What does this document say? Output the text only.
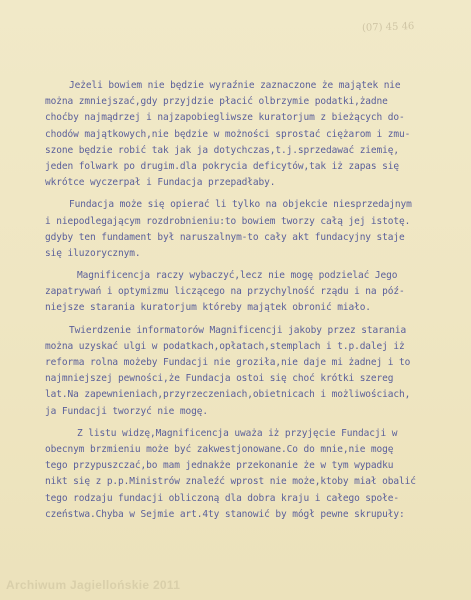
(07) 45 46
Jeżeli bowiem nie będzie wyraźnie zaznaczone że majątek nie
można zmniejszać,gdy przyjdzie płacić olbrzymie podatki,żadne
choćby najmądrzej i najzapobiegliwsze kuratorjum z bieżących do-
chodów majątkowych,nie będzie w możności sprostać ciężarom i zmu-
szone będzie robić tak jak ja dotychczas,t.j.sprzedawać ziemię,
jeden folwark po drugim.dla pokrycia deficytów,tak iż zapas się
wkrótce wyczerpał i Fundacja przepadłaby.
Fundacja może się opierać li tylko na objekcie niesprzedajnym
i niepodlegającym rozdrobnieniu:to bowiem tworzy całą jej istotę.
gdyby ten fundament był naruszalnym-to cały akt fundacyjny staje
się iluzorycznym.
Magnificencja raczy wybaczyć,lecz nie mogę podzielać Jego
zapatrywań i optymizmu liczącego na przychylność rządu i na póź-
niejsze starania kuratorjum któreby majątek obronić miało.
Twierdzenie informatorów Magnificencji jakoby przez starania
można uzyskać ulgi w podatkach,opłatach,stemplach i t.p.dalej iż
reforma rolna możeby Fundacji nie groziła,nie daje mi żadnej i to
najmniejszej pewności,że Fundacja ostoi się choć krótki szereg
lat.Na zapewnieniach,przyrzeczeniach,obietnicach i możliwościach,
ja Fundacji tworzyć nie mogę.
Z listu widzę,Magnificencja uważa iż przyjęcie Fundacji w
obecnym brzmieniu może być zakwestjonowane.Co do mnie,nie mogę
tego przypuszczać,bo mam jednakże przekonanie że w tym wypadku
nikt się z p.p.Ministrów znaleźć wprost nie może,ktoby miał obalić
tego rodzaju fundacji obliczoną dla dobra kraju i całego społe-
czeństwa.Chyba w Sejmie art.4ty stanowić by mógł pewne skrupuły:
Archiwum Jagiellońskie 2011
